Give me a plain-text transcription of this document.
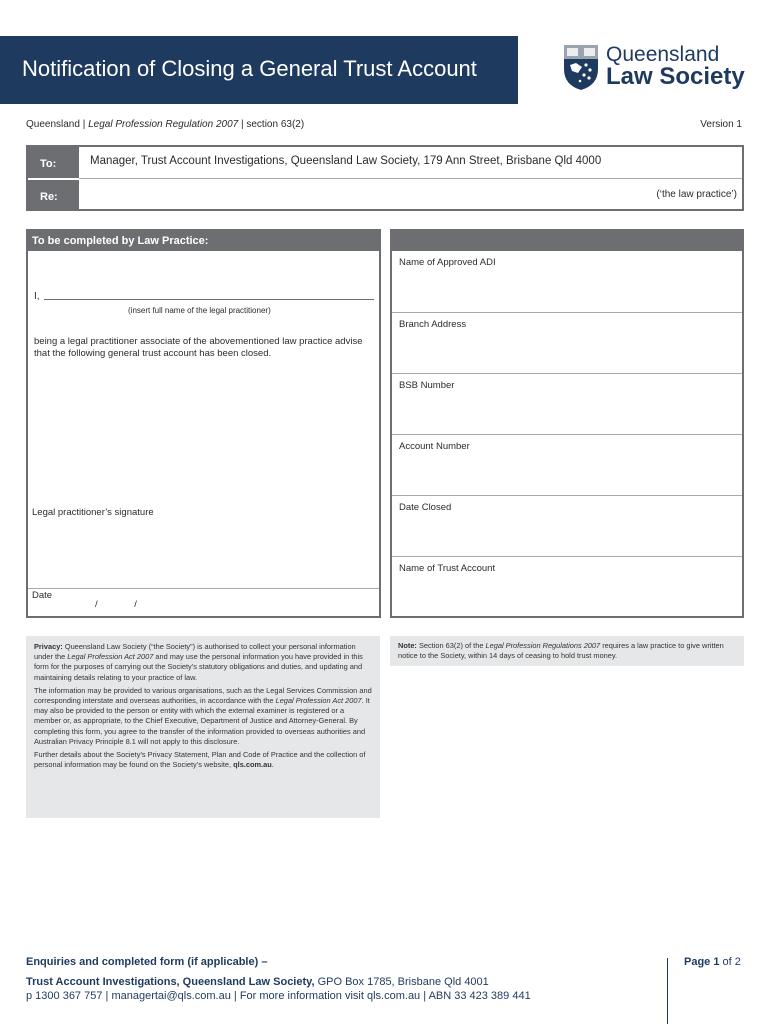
Notification of Closing a General Trust Account
Queensland
Law Society
Queensland | Legal Profession Regulation 2007 | section 63(2)	Version 1
To:
Re:
Manager, Trust Account Investigations, Queensland Law Society, 179 Ann Street, Brisbane Qld 4000
(‘the law practice’)
To be completed by Law Practice:
I,
(insert full name of the legal practitioner)
being a legal practitioner associate of the abovementioned law practice advise that the following general trust account has been closed.
Legal practitioner’s signature
Date
/ /
Name of Approved ADI
Branch Address
BSB Number
Account Number
Date Closed
Name of Trust Account

Privacy: Queensland Law Society (“the Society”) is authorised to collect your personal information under the Legal Profession Act 2007 and may use the personal information you have provided in this form for the purposes of carrying out the Society’s statutory obligations and duties, and updating and maintaining details relating to your practice of law.

The information may be provided to various organisations, such as the Legal Services Commission and corresponding interstate and overseas authorities, in accordance with the Legal Profession Act 2007. It may also be provided to the person or entity with which the external examiner is registered or a member or, as appropriate, to the Chief Executive, Department of Justice and Attorney-General. By completing this form, you agree to the transfer of the information provided to overseas authorities and Australian Privacy Principle 8.1 will not apply to this disclosure.

Further details about the Society’s Privacy Statement, Plan and Code of Practice and the collection of personal information may be found on the Society’s website, qls.com.au.

Note: Section 63(2) of the Legal Profession Regulations 2007 requires a law practice to give written notice to the Society, within 14 days of ceasing to hold trust money.
Enquiries and completed form (if applicable) –
Trust Account Investigations, Queensland Law Society, GPO Box 1785, Brisbane Qld 4001
p 1300 367 757 | managertai@qls.com.au | For more information visit qls.com.au | ABN 33 423 389 441
Page 1 of 2
